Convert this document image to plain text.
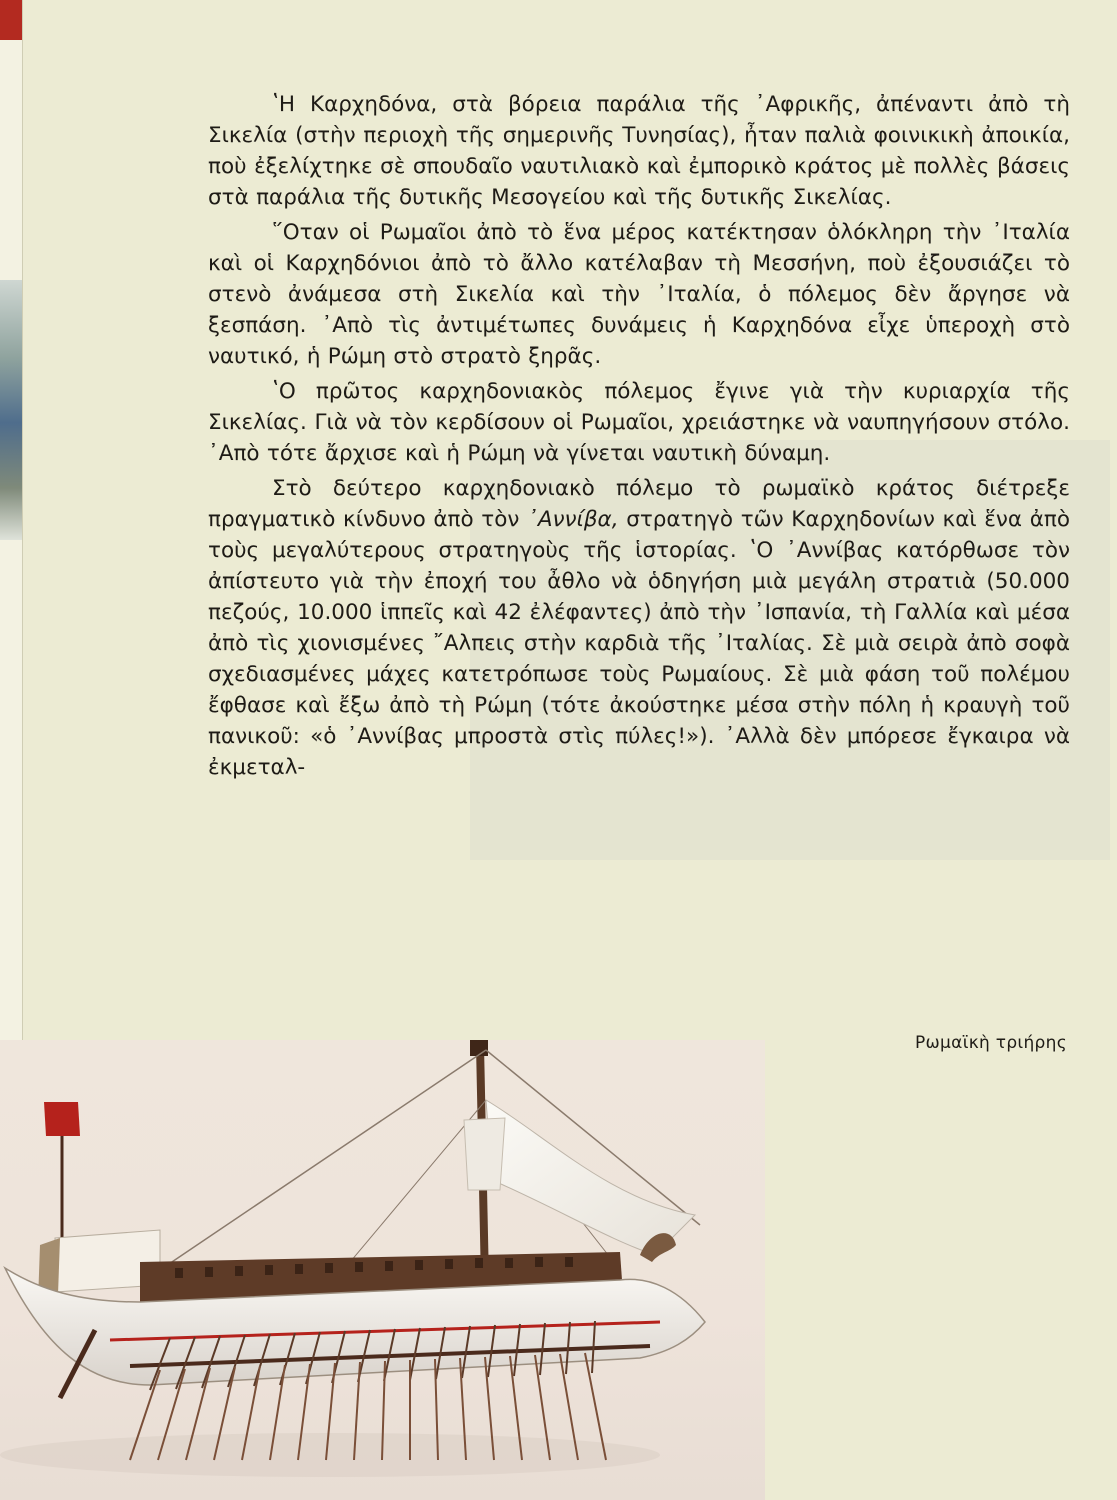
ʽΗ Καρχηδόνα, στὰ βόρεια παράλια τῆς ᾿Αφρικῆς, ἀπέναντι ἀπὸ τὴ Σικελία (στὴν περιοχὴ τῆς σημερινῆς Τυνησίας), ἦταν παλιὰ φοινικικὴ ἀποικία, ποὺ ἐξελίχτηκε σὲ σπουδαῖο ναυτιλιακὸ καὶ ἐμπορικὸ κράτος μὲ πολλὲς βάσεις στὰ παράλια τῆς δυτικῆς Μεσογείου καὶ τῆς δυτικῆς Σικελίας.

῞Οταν οἱ Ρωμαῖοι ἀπὸ τὸ ἕνα μέρος κατέκτησαν ὁλόκληρη τὴν ᾿Ιταλία καὶ οἱ Καρχηδόνιοι ἀπὸ τὸ ἄλλο κατέλαβαν τὴ Μεσσήνη, ποὺ ἐξουσιάζει τὸ στενὸ ἀνάμεσα στὴ Σικελία καὶ τὴν ᾿Ιταλία, ὁ πόλεμος δὲν ἄργησε νὰ ξεσπάση. ᾿Απὸ τὶς ἀντιμέτωπες δυνάμεις ἡ Καρχηδόνα εἶχε ὑπεροχὴ στὸ ναυτικό, ἡ Ρώμη στὸ στρατὸ ξηρᾶς.

ʽΟ πρῶτος καρχηδονιακὸς πόλεμος ἔγινε γιὰ τὴν κυριαρχία τῆς Σικελίας. Γιὰ νὰ τὸν κερδίσουν οἱ Ρωμαῖοι, χρειάστηκε νὰ ναυπηγήσουν στόλο. ᾿Απὸ τότε ἄρχισε καὶ ἡ Ρώμη νὰ γίνεται ναυτικὴ δύναμη.

Στὸ δεύτερο καρχηδονιακὸ πόλεμο τὸ ρωμαϊκὸ κράτος διέτρεξε πραγματικὸ κίνδυνο ἀπὸ τὸν ᾿Αννίβα, στρατηγὸ τῶν Καρχηδονίων καὶ ἕνα ἀπὸ τοὺς μεγαλύτερους στρατηγοὺς τῆς ἱστορίας. ʽΟ ᾿Αννίβας κατόρθωσε τὸν ἀπίστευτο γιὰ τὴν ἐποχή του ἆθλο νὰ ὁδηγήση μιὰ μεγάλη στρατιὰ (50.000 πεζούς, 10.000 ἱππεῖς καὶ 42 ἐλέφαντες) ἀπὸ τὴν ᾿Ισπανία, τὴ Γαλλία καὶ μέσα ἀπὸ τὶς χιονισμένες ῎Αλπεις στὴν καρδιὰ τῆς ᾿Ιταλίας. Σὲ μιὰ σειρὰ ἀπὸ σοφὰ σχεδιασμένες μάχες κατετρόπωσε τοὺς Ρωμαίους. Σὲ μιὰ φάση τοῦ πολέμου ἔφθασε καὶ ἔξω ἀπὸ τὴ Ρώμη (τότε ἀκούστηκε μέσα στὴν πόλη ἡ κραυγὴ τοῦ πανικοῦ: «ὁ ᾿Αννίβας μπροστὰ στὶς πύλες!»). ᾿Αλλὰ δὲν μπόρεσε ἔγκαιρα νὰ ἐκμεταλ-

Ρωμαϊκὴ τριήρης
